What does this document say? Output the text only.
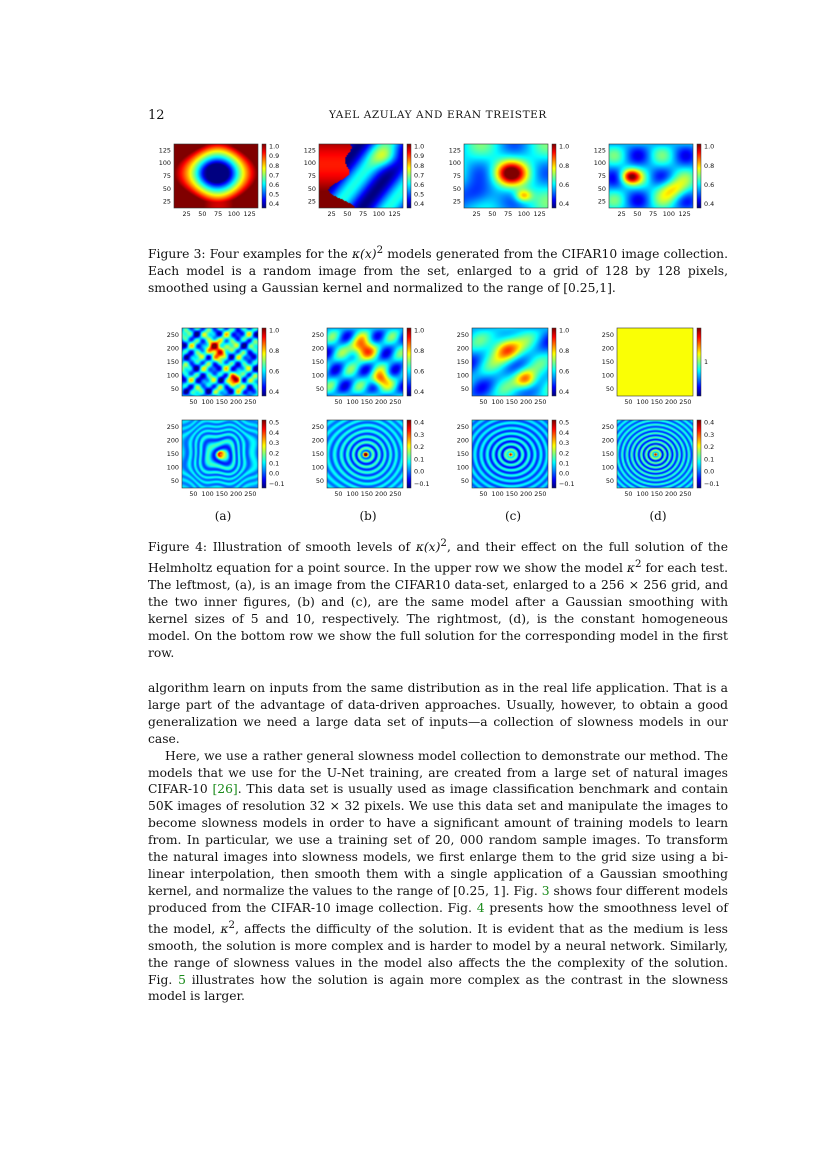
12	YAEL AZULAY AND ERAN TREISTER
125
100
75
50
25
25 50 75 100 125
1.0
0.9
0.8
0.7
0.6
0.5
0.4
125
100
75
50
25
25 50 75 100 125
1.0
0.9
0.8
0.7
0.6
0.5
0.4
125
100
75
50
25
25 50 75 100 125
1.0
0.8
0.6
0.4
125
100
75
50
25
25 50 75 100 125
1.0
0.8
0.6
0.4
Figure 3: Four examples for the $\kappa(x)^2$ models generated from the CIFAR10 image collection. Each model is a random image from the set, enlarged to a grid of 128 by 128 pixels, smoothed using a Gaussian kernel and normalized to the range of [0.25,1].
250
200
150
100
50
50 100 150 200 250
1.0
0.8
0.6
0.4
250
200
150
100
50
50 100 150 200 250
1.0
0.8
0.6
0.4
250
200
150
100
50
50 100 150 200 250
1.0
0.8
0.6
0.4
250
200
150
100
50
50 100 150 200 250
1
250
200
150
100
50
50 100 150 200 250
0.5
0.4
0.3
0.2
0.1
0.0
−0.1
250
200
150
100
50
50 100 150 200 250
0.4
0.3
0.2
0.1
0.0
−0.1
250
200
150
100
50
50 100 150 200 250
0.5
0.4
0.3
0.2
0.1
0.0
−0.1
250
200
150
100
50
50 100 150 200 250
0.4
0.3
0.2
0.1
0.0
−0.1
(a)	(b)	(c)	(d)
Figure 4: Illustration of smooth levels of $\kappa(x)^2$, and their effect on the full solution of the Helmholtz equation for a point source. In the upper row we show the model $\kappa^2$ for each test. The leftmost, (a), is an image from the CIFAR10 data-set, enlarged to a 256 × 256 grid, and the two inner figures, (b) and (c), are the same model after a Gaussian smoothing with kernel sizes of 5 and 10, respectively. The rightmost, (d), is the constant homogeneous model. On the bottom row we show the full solution for the corresponding model in the first row.

algorithm learn on inputs from the same distribution as in the real life application. That is a large part of the advantage of data-driven approaches. Usually, however, to obtain a good generalization we need a large data set of inputs—a collection of slowness models in our case.

Here, we use a rather general slowness model collection to demonstrate our method. The models that we use for the U-Net training, are created from a large set of natural images CIFAR-10 [26]. This data set is usually used as image classification benchmark and contain 50K images of resolution 32 × 32 pixels. We use this data set and manipulate the images to become slowness models in order to have a significant amount of training models to learn from. In particular, we use a training set of 20, 000 random sample images. To transform the natural images into slowness models, we first enlarge them to the grid size using a bi-linear interpolation, then smooth them with a single application of a Gaussian smoothing kernel, and normalize the values to the range of [0.25, 1]. Fig. 3 shows four different models produced from the CIFAR-10 image collection. Fig. 4 presents how the smoothness level of the model, $\kappa^2$, affects the difficulty of the solution. It is evident that as the medium is less smooth, the solution is more complex and is harder to model by a neural network. Similarly, the range of slowness values in the model also affects the the complexity of the solution. Fig. 5 illustrates how the solution is again more complex as the contrast in the slowness model is larger.
